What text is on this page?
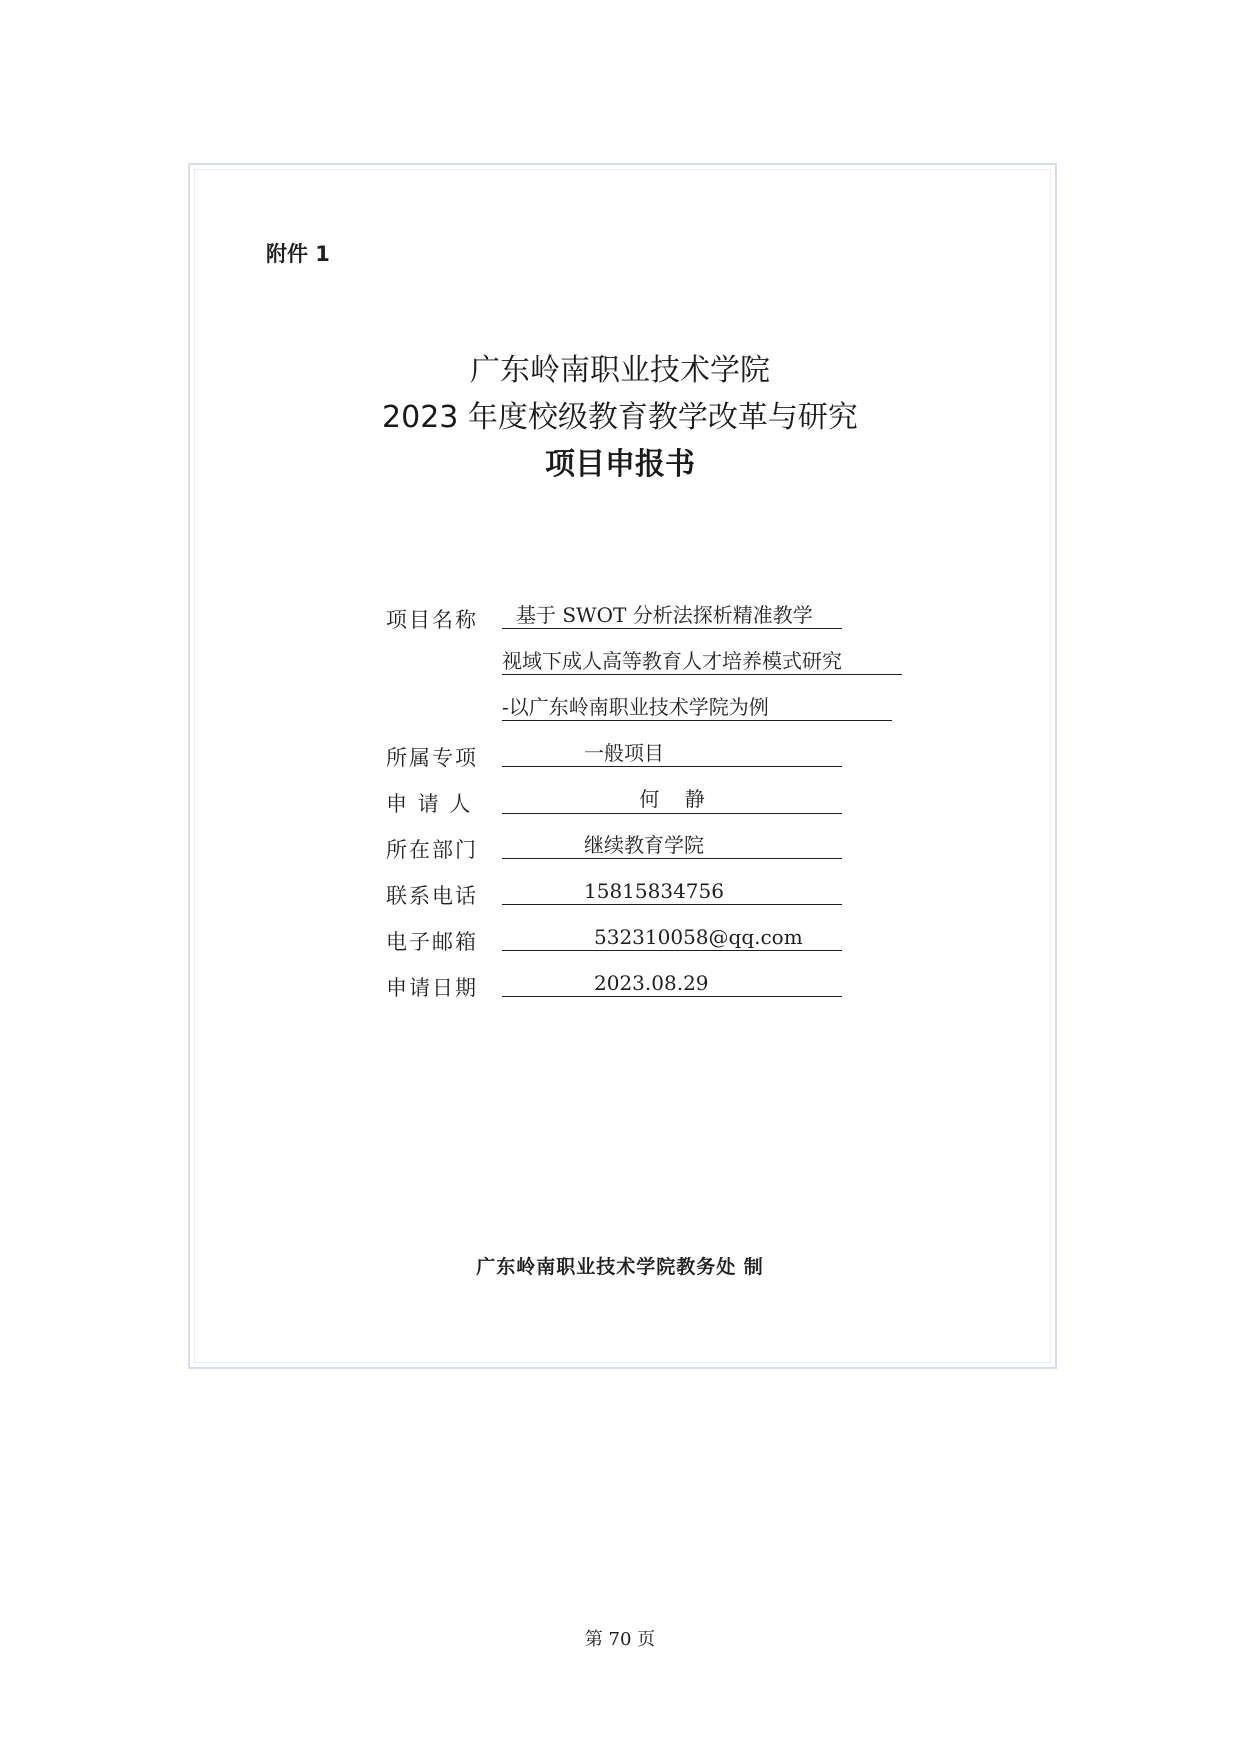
附件 1
广东岭南职业技术学院
2023 年度校级教育教学改革与研究
项目申报书
项目名称	基于 SWOT 分析法探析精准教学
视域下成人高等教育人才培养模式研究
-以广东岭南职业技术学院为例
所属专项	一般项目
申 请 人	何    静
所在部门	继续教育学院
联系电话	15815834756
电子邮箱	532310058@qq.com
申请日期	2023.08.29
广东岭南职业技术学院教务处 制
第 70 页
